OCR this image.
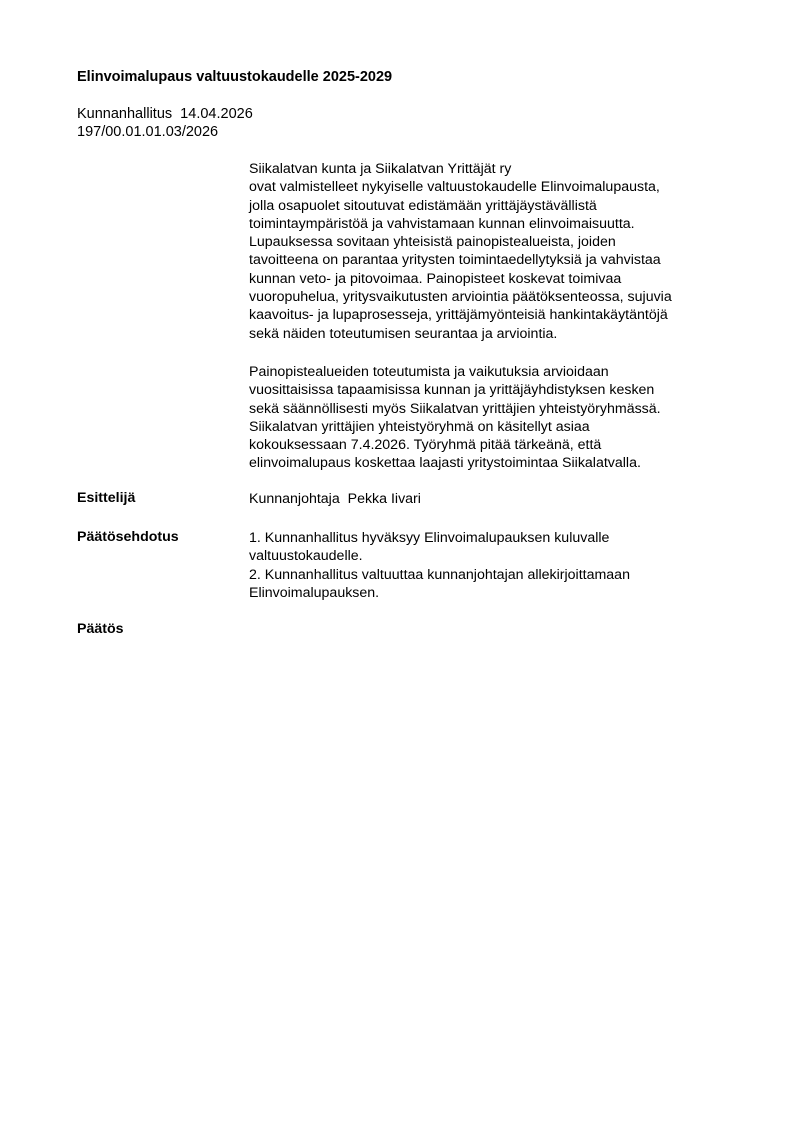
Elinvoimalupaus valtuustokaudelle 2025-2029
Kunnanhallitus  14.04.2026
197/00.01.01.03/2026
Siikalatvan kunta ja Siikalatvan Yrittäjät ry
ovat valmistelleet nykyiselle valtuustokaudelle Elinvoimalupausta,
jolla osapuolet sitoutuvat edistämään yrittäjäystävällistä
toimintaympäristöä ja vahvistamaan kunnan elinvoimaisuutta.
Lupauksessa sovitaan yhteisistä painopistealueista, joiden
tavoitteena on parantaa yritysten toimintaedellytyksiä ja vahvistaa
kunnan veto- ja pitovoimaa. Painopisteet koskevat toimivaa
vuoropuhelua, yritysvaikutusten arviointia päätöksenteossa, sujuvia
kaavoitus- ja lupaprosesseja, yrittäjämyönteisiä hankintakäytäntöjä
sekä näiden toteutumisen seurantaa ja arviointia.
Painopistealueiden toteutumista ja vaikutuksia arvioidaan
vuosittaisissa tapaamisissa kunnan ja yrittäjäyhdistyksen kesken
sekä säännöllisesti myös Siikalatvan yrittäjien yhteistyöryhmässä.
Siikalatvan yrittäjien yhteistyöryhmä on käsitellyt asiaa
kokouksessaan 7.4.2026. Työryhmä pitää tärkeänä, että
elinvoimalupaus koskettaa laajasti yritystoimintaa Siikalatvalla.
Esittelijä	Kunnanjohtaja  Pekka Iivari
Päätösehdotus	1. Kunnanhallitus hyväksyy Elinvoimalupauksen kuluvalle
valtuustokaudelle.
2. Kunnanhallitus valtuuttaa kunnanjohtajan allekirjoittamaan
Elinvoimalupauksen.
Päätös
